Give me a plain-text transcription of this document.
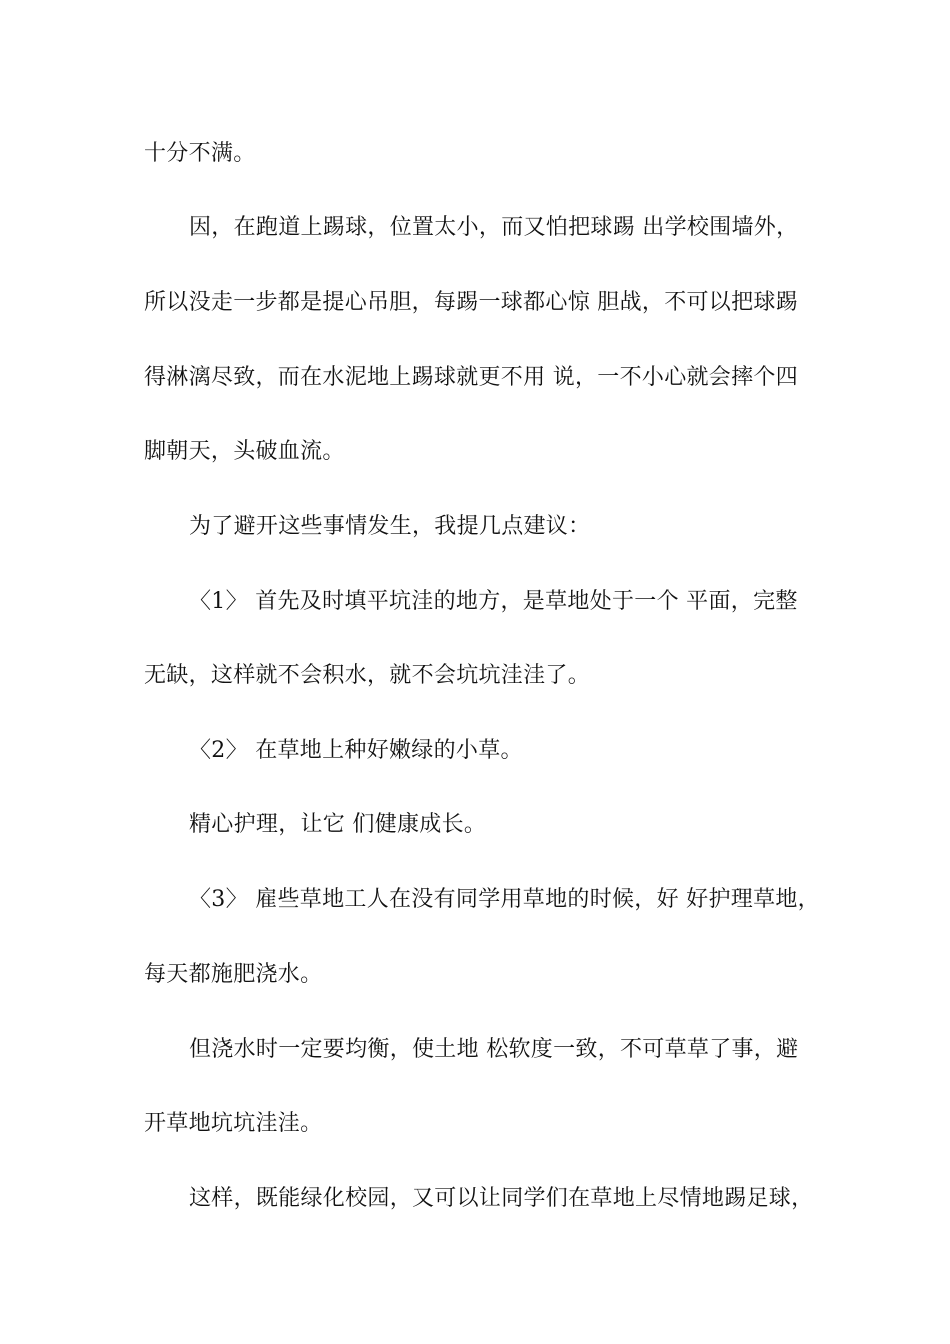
十分不满。

因，在跑道上踢球，位置太小，而又怕把球踢 出学校围墙外，

所以没走一步都是提心吊胆，每踢一球都心惊 胆战，不可以把球踢

得淋漓尽致，而在水泥地上踢球就更不用 说，一不小心就会摔个四

脚朝天，头破血流。

为了避开这些事情发生，我提几点建议：

〈1〉 首先及时填平坑洼的地方，是草地处于一个 平面，完整

无缺，这样就不会积水，就不会坑坑洼洼了。

〈2〉 在草地上种好嫩绿的小草。

精心护理，让它 们健康成长。

〈3〉 雇些草地工人在没有同学用草地的时候，好 好护理草地，

每天都施肥浇水。

但浇水时一定要均衡，使土地 松软度一致，不可草草了事，避

开草地坑坑洼洼。

这样，既能绿化校园，又可以让同学们在草地上尽情地踢足球，
